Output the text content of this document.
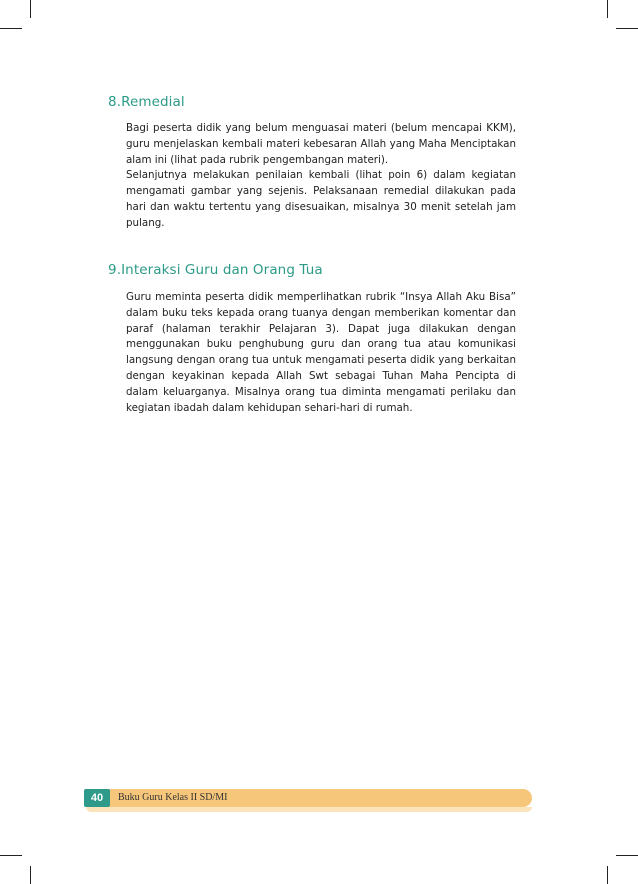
8.Remedial

Bagi peserta didik yang belum menguasai materi (belum mencapai KKM), guru menjelaskan kembali materi kebesaran Allah yang Maha Menciptakan alam ini (lihat pada rubrik pengembangan materi).

Selanjutnya melakukan penilaian kembali (lihat poin 6) dalam kegiatan mengamati gambar yang sejenis. Pelaksanaan remedial dilakukan pada hari dan waktu tertentu yang disesuaikan, misalnya 30 menit setelah jam pulang.

9.Interaksi Guru dan Orang Tua

Guru meminta peserta didik memperlihatkan rubrik “Insya Allah Aku Bisa” dalam buku teks kepada orang tuanya dengan memberikan komentar dan paraf (halaman terakhir Pelajaran 3). Dapat juga dilakukan dengan menggunakan buku penghubung guru dan orang tua atau komunikasi langsung dengan orang tua untuk mengamati peserta didik yang berkaitan dengan keyakinan kepada Allah Swt sebagai Tuhan Maha Pencipta di dalam keluarganya. Misalnya orang tua diminta mengamati perilaku dan kegiatan ibadah dalam kehidupan sehari-hari di rumah.

40	Buku Guru Kelas II SD/MI
